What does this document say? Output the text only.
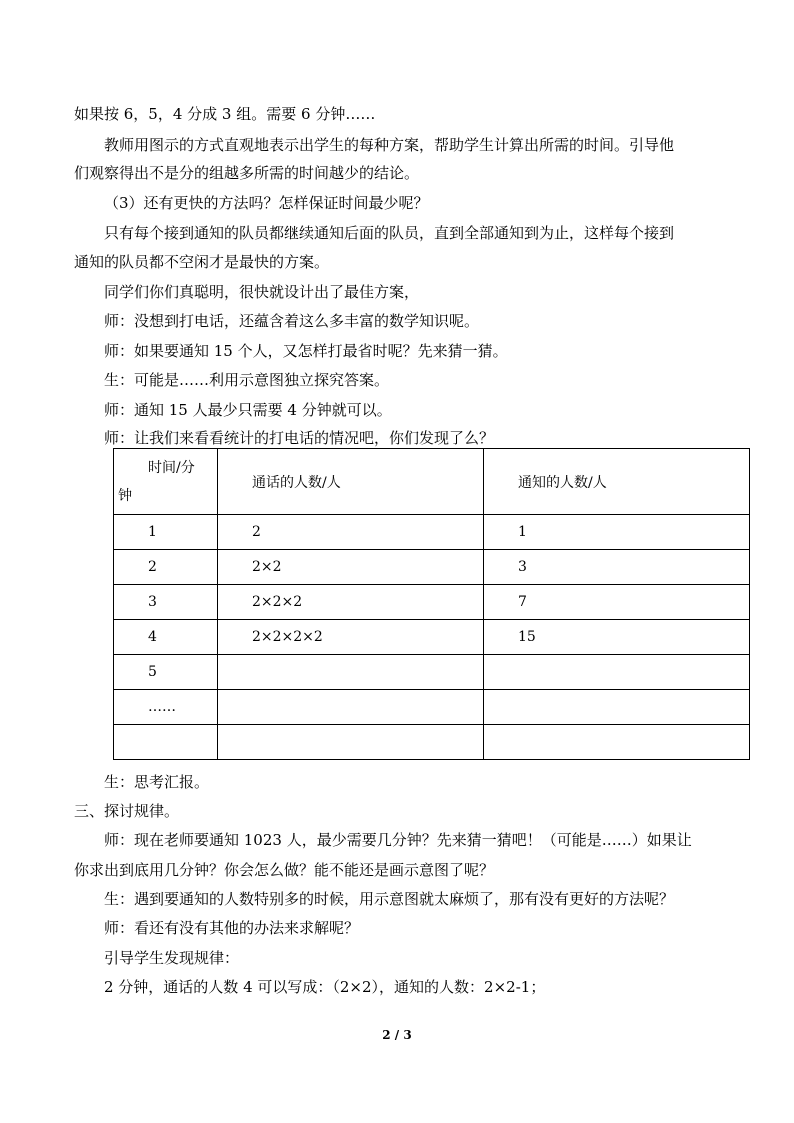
如果按 6，5，4 分成 3 组。需要 6 分钟……
教师用图示的方式直观地表示出学生的每种方案，帮助学生计算出所需的时间。引导他
们观察得出不是分的组越多所需的时间越少的结论。
（3）还有更快的方法吗？怎样保证时间最少呢？
只有每个接到通知的队员都继续通知后面的队员，直到全部通知到为止，这样每个接到
通知的队员都不空闲才是最快的方案。
同学们你们真聪明，很快就设计出了最佳方案，
师：没想到打电话，还蕴含着这么多丰富的数学知识呢。
师：如果要通知 15 个人，又怎样打最省时呢？先来猜一猜。
生：可能是……利用示意图独立探究答案。
师：通知 15 人最少只需要 4 分钟就可以。
师：让我们来看看统计的打电话的情况吧，你们发现了么？
时间/分
钟	通话的人数/人	通知的人数/人
1	2	1
2	2×2	3
3	2×2×2	7
4	2×2×2×2	15
5		
……		

生：思考汇报。
三、探讨规律。
师：现在老师要通知 1023 人，最少需要几分钟？先来猜一猜吧！（可能是……）如果让
你求出到底用几分钟？你会怎么做？能不能还是画示意图了呢？
生：遇到要通知的人数特别多的时候，用示意图就太麻烦了，那有没有更好的方法呢？
师：看还有没有其他的办法来求解呢？
引导学生发现规律：
2 分钟，通话的人数 4 可以写成：（2×2），通知的人数：2×2-1；
2 / 3
